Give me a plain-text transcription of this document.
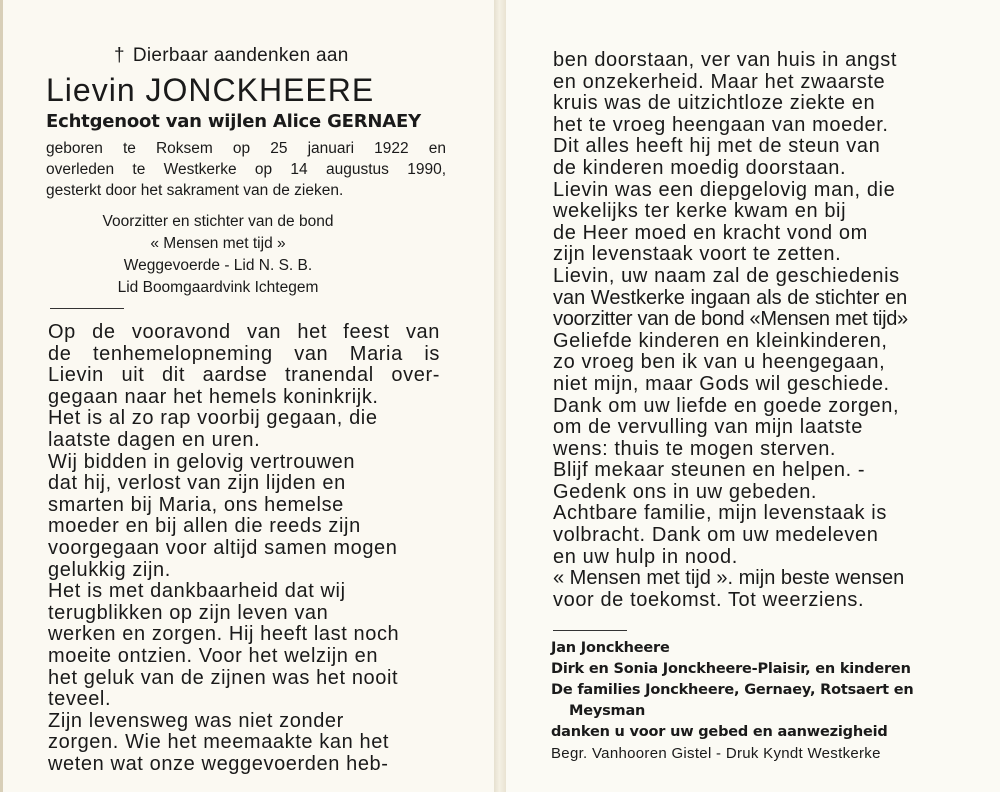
† Dierbaar aandenken aan
Lievin JONCKHEERE
Echtgenoot van wijlen Alice GERNAEY
geboren te Roksem op 25 januari 1922 en
overleden te Westkerke op 14 augustus 1990,
gesterkt door het sakrament van de zieken.
Voorzitter en stichter van de bond
« Mensen met tijd »
Weggevoerde - Lid N. S. B.
Lid Boomgaardvink Ichtegem
Op de vooravond van het feest van
de tenhemelopneming van Maria is
Lievin uit dit aardse tranendal over-
gegaan naar het hemels koninkrijk.
Het is al zo rap voorbij gegaan, die
laatste dagen en uren.
Wij bidden in gelovig vertrouwen
dat hij, verlost van zijn lijden en
smarten bij Maria, ons hemelse
moeder en bij allen die reeds zijn
voorgegaan voor altijd samen mogen
gelukkig zijn.
Het is met dankbaarheid dat wij
terugblikken op zijn leven van
werken en zorgen. Hij heeft last noch
moeite ontzien. Voor het welzijn en
het geluk van de zijnen was het nooit
teveel.
Zijn levensweg was niet zonder
zorgen. Wie het meemaakte kan het
weten wat onze weggevoerden heb-
ben doorstaan, ver van huis in angst
en onzekerheid. Maar het zwaarste
kruis was de uitzichtloze ziekte en
het te vroeg heengaan van moeder.
Dit alles heeft hij met de steun van
de kinderen moedig doorstaan.
Lievin was een diepgelovig man, die
wekelijks ter kerke kwam en bij
de Heer moed en kracht vond om
zijn levenstaak voort te zetten.
Lievin, uw naam zal de geschiedenis
van Westkerke ingaan als de stichter en
voorzitter van de bond «Mensen met tijd»
Geliefde kinderen en kleinkinderen,
zo vroeg ben ik van u heengegaan,
niet mijn, maar Gods wil geschiede.
Dank om uw liefde en goede zorgen,
om de vervulling van mijn laatste
wens: thuis te mogen sterven.
Blijf mekaar steunen en helpen. -
Gedenk ons in uw gebeden.
Achtbare familie, mijn levenstaak is
volbracht. Dank om uw medeleven
en uw hulp in nood.
« Mensen met tijd ». mijn beste wensen
voor de toekomst. Tot weerziens.
Jan Jonckheere
Dirk en Sonia Jonckheere-Plaisir, en kinderen
De families Jonckheere, Gernaey, Rotsaert en
Meysman
danken u voor uw gebed en aanwezigheid
Begr. Vanhooren Gistel - Druk Kyndt Westkerke
